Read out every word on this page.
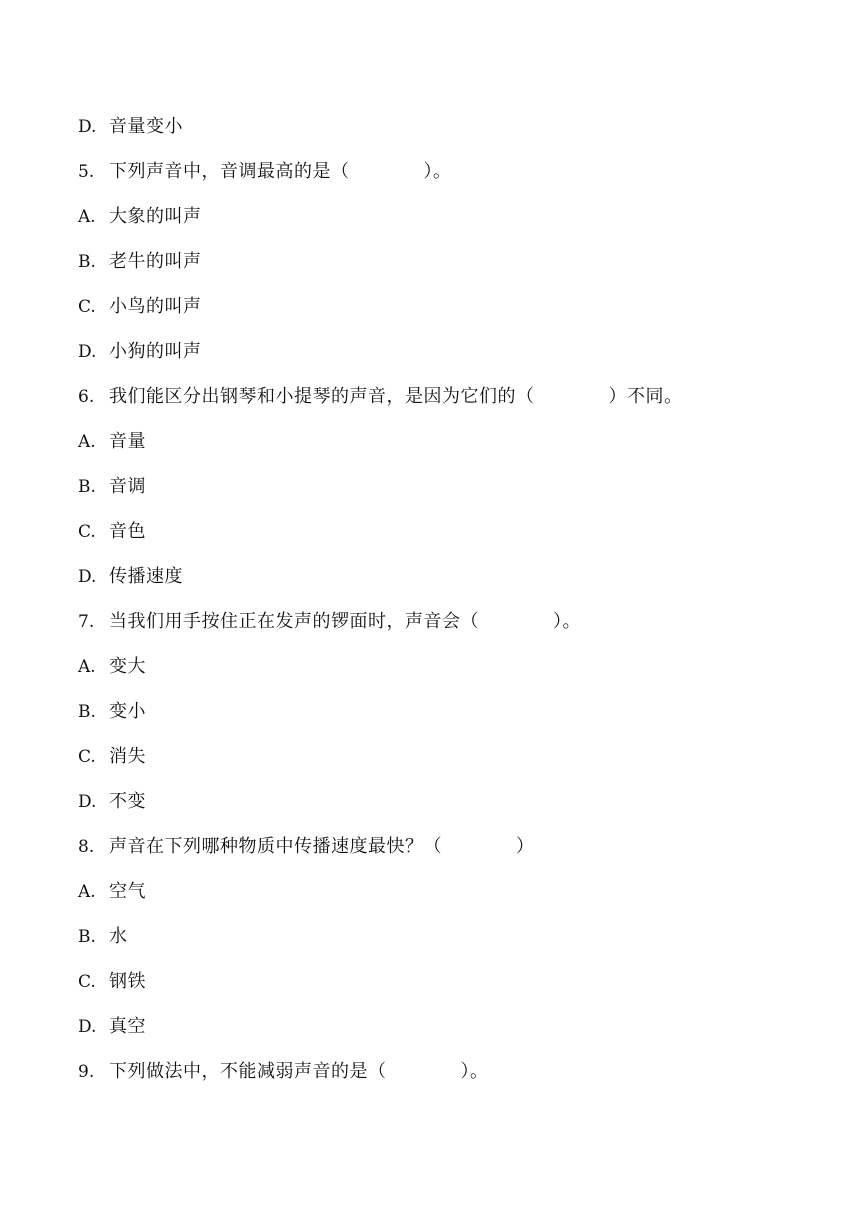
D. 音量变小
5. 下列声音中，音调最高的是（　　　　）。
A. 大象的叫声
B. 老牛的叫声
C. 小鸟的叫声
D. 小狗的叫声
6. 我们能区分出钢琴和小提琴的声音，是因为它们的（　　　　）不同。
A. 音量
B. 音调
C. 音色
D. 传播速度
7. 当我们用手按住正在发声的锣面时，声音会（　　　　）。
A. 变大
B. 变小
C. 消失
D. 不变
8. 声音在下列哪种物质中传播速度最快？（　　　　）
A. 空气
B. 水
C. 钢铁
D. 真空
9. 下列做法中，不能减弱声音的是（　　　　）。
